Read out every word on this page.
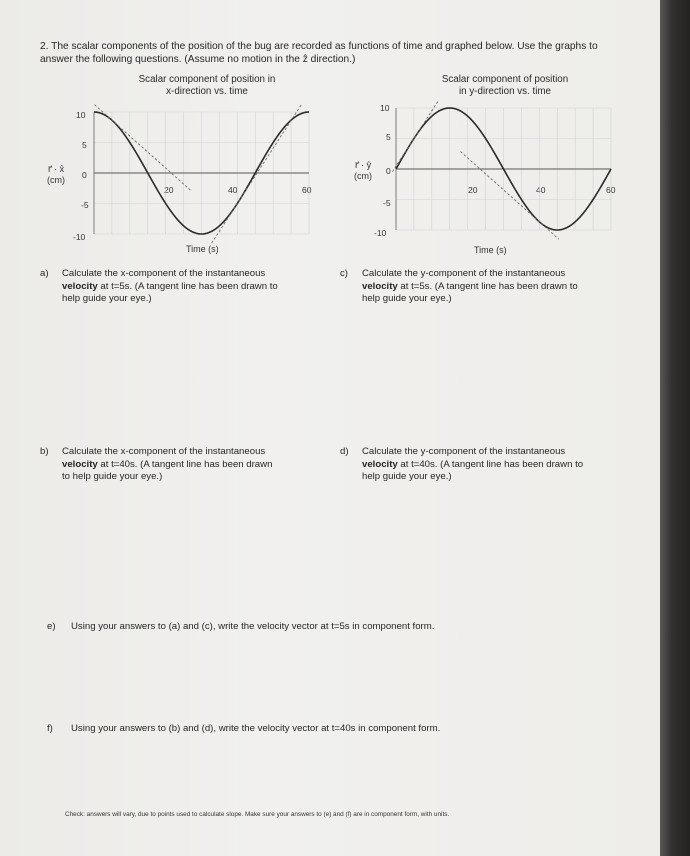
2. The scalar components of the position of the bug are recorded as functions of time and graphed below. Use the graphs to answer the following questions. (Assume no motion in the ẑ direction.)
Scalar component of position in
x-direction vs. time
Scalar component of position
in y-direction vs. time
r⃗ · x̂
(cm)
r⃗ · ŷ
(cm)
10
5
0
-5
-10
20	40	60
Time (s)
10
5
0
-5
-10
20	40	60
Time (s)
a) Calculate the x-component of the instantaneous
velocity at t=5s. (A tangent line has been drawn to
help guide your eye.)
c) Calculate the y-component of the instantaneous
velocity at t=5s. (A tangent line has been drawn to
help guide your eye.)
b) Calculate the x-component of the instantaneous
velocity at t=40s. (A tangent line has been drawn
to help guide your eye.)
d) Calculate the y-component of the instantaneous
velocity at t=40s. (A tangent line has been drawn to
help guide your eye.)
e) Using your answers to (a) and (c), write the velocity vector at t=5s in component form.
f) Using your answers to (b) and (d), write the velocity vector at t=40s in component form.
Check: answers will vary, due to points used to calculate slope. Make sure your answers to (e) and (f) are in component form, with units.
